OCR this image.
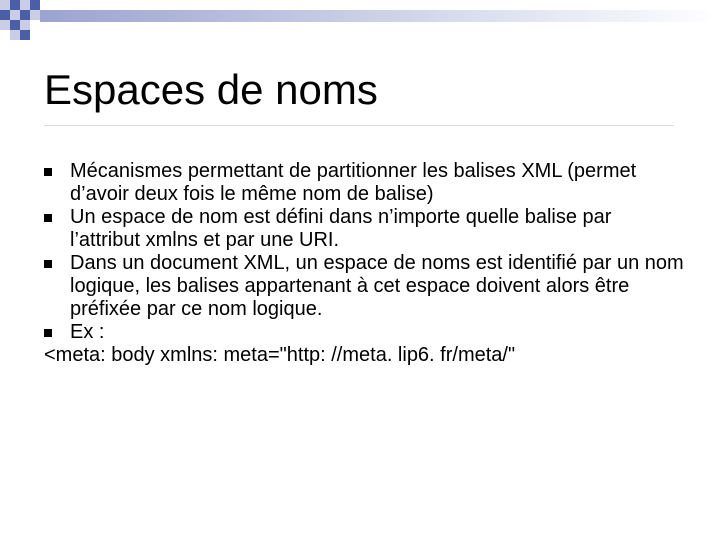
Espaces de noms
Mécanismes permettant de partitionner les balises XML (permet d’avoir deux fois le même nom de balise)
Un espace de nom est défini dans n’importe quelle balise par l’attribut xmlns et par une URI.
Dans un document XML, un espace de noms est identifié par un nom logique, les balises appartenant à cet espace doivent alors être préfixée par ce nom logique.
Ex :
<meta: body xmlns: meta="http: //meta. lip6. fr/meta/"
